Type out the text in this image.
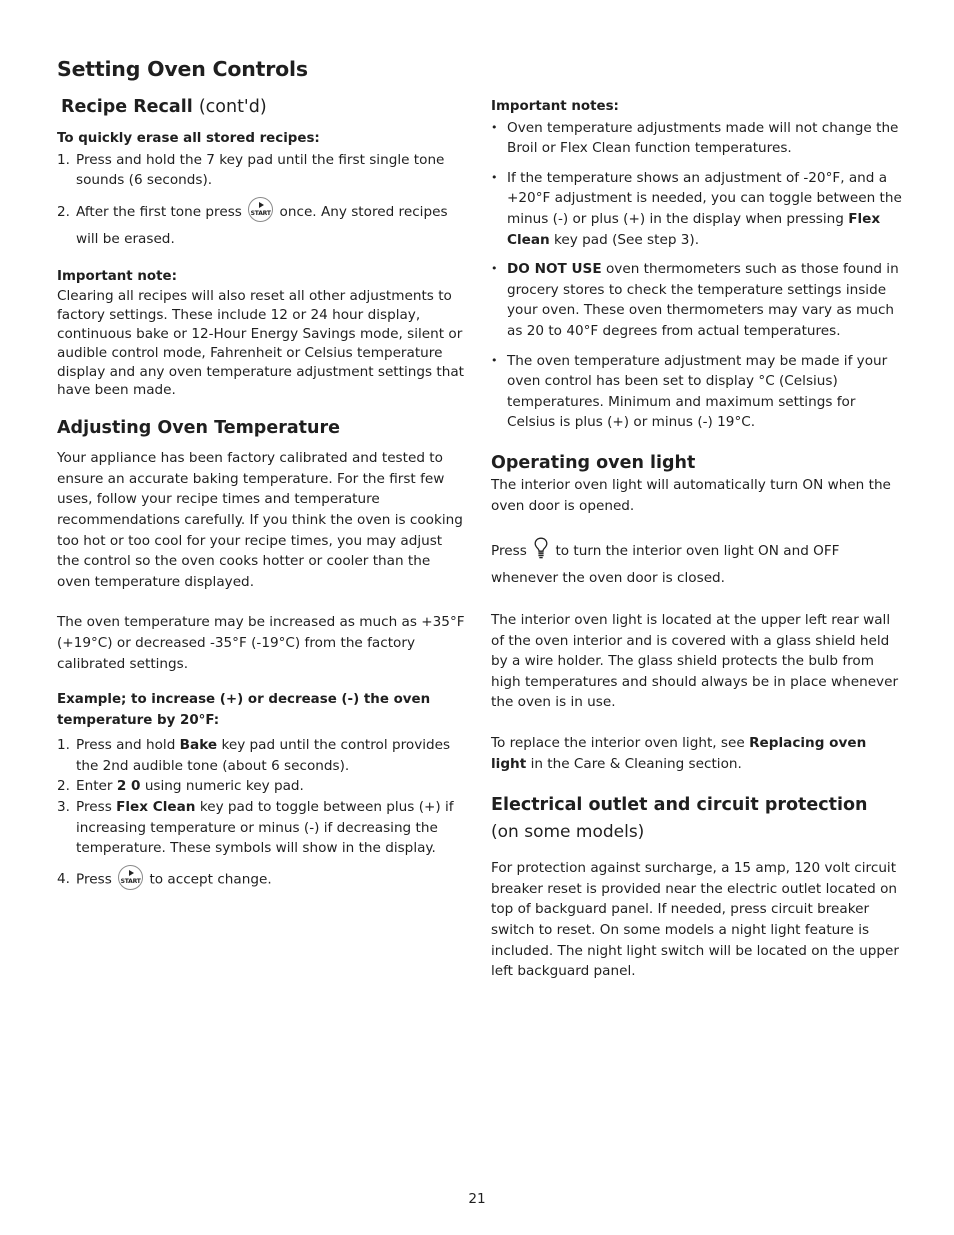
Setting Oven Controls
Recipe Recall (cont'd)
To quickly erase all stored recipes:
1. Press and hold the 7 key pad until the first single tone sounds (6 seconds).
2. After the first tone press START once. Any stored recipes will be erased.
Important note:

Clearing all recipes will also reset all other adjustments to factory settings. These include 12 or 24 hour display, continuous bake or 12-Hour Energy Savings mode, silent or audible control mode, Fahrenheit or Celsius temperature display and any oven temperature adjustment settings that have been made.

Adjusting Oven Temperature

Your appliance has been factory calibrated and tested to ensure an accurate baking temperature. For the first few uses, follow your recipe times and temperature recommendations carefully. If you think the oven is cooking too hot or too cool for your recipe times, you may adjust the control so the oven cooks hotter or cooler than the oven temperature displayed.

The oven temperature may be increased as much as +35°F (+19°C) or decreased -35°F (-19°C) from the factory calibrated settings.

Example; to increase (+) or decrease (-) the oven temperature by 20°F:
1. Press and hold Bake key pad until the control provides the 2nd audible tone (about 6 seconds).
2. Enter 2 0 using numeric key pad.
3. Press Flex Clean key pad to toggle between plus (+) if increasing temperature or minus (-) if decreasing the temperature. These symbols will show in the display.
4. Press START to accept change.
Important notes:
• Oven temperature adjustments made will not change the Broil or Flex Clean function temperatures.
• If the temperature shows an adjustment of -20°F, and a +20°F adjustment is needed, you can toggle between the minus (-) or plus (+) in the display when pressing Flex Clean key pad (See step 3).
• DO NOT USE oven thermometers such as those found in grocery stores to check the temperature settings inside your oven. These oven thermometers may vary as much as 20 to 40°F degrees from actual temperatures.
• The oven temperature adjustment may be made if your oven control has been set to display °C (Celsius) temperatures. Minimum and maximum settings for Celsius is plus (+) or minus (-) 19°C.
Operating oven light

The interior oven light will automatically turn ON when the oven door is opened.

Press to turn the interior oven light ON and OFF whenever the oven door is closed.

The interior oven light is located at the upper left rear wall of the oven interior and is covered with a glass shield held by a wire holder. The glass shield protects the bulb from high temperatures and should always be in place whenever the oven is in use.

To replace the interior oven light, see Replacing oven light in the Care & Cleaning section.

Electrical outlet and circuit protection
(on some models)

For protection against surcharge, a 15 amp, 120 volt circuit breaker reset is provided near the electric outlet located on top of backguard panel. If needed, press circuit breaker switch to reset. On some models a night light feature is included. The night light switch will be located on the upper left backguard panel.

21
